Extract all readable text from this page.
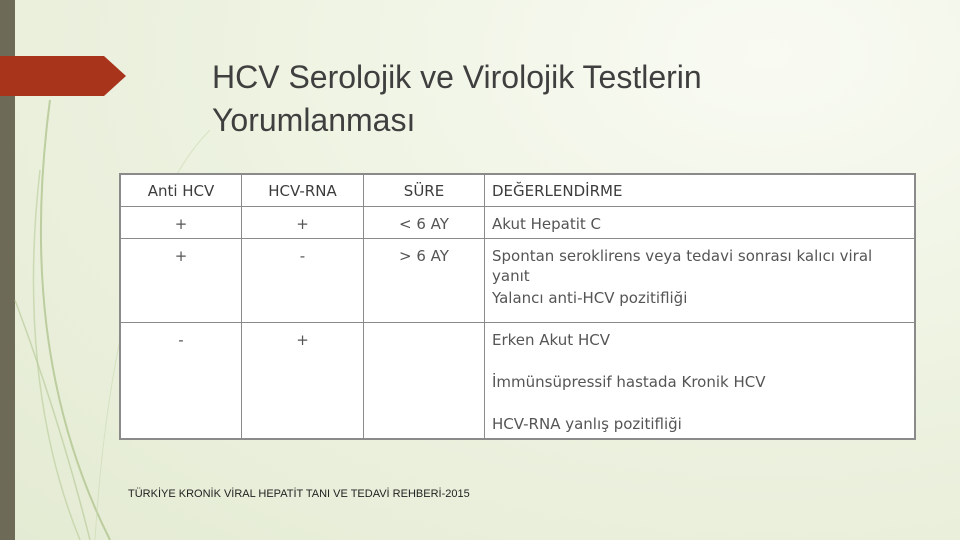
HCV Serolojik ve Virolojik Testlerin Yorumlanması
Anti HCV	HCV-RNA	SÜRE	DEĞERLENDİRME

+	+	< 6 AY	Akut Hepatit C

+	-	> 6 AY	Spontan seroklirens veya tedavi sonrası kalıcı viral yanıt
Yalancı anti-HCV pozitifliği

-	+		Erken Akut HCV
İmmünsüpressif hastada Kronik HCV
HCV-RNA yanlış pozitifliği
TÜRKİYE KRONİK VİRAL HEPATİT TANI VE TEDAVİ REHBERİ-2015
